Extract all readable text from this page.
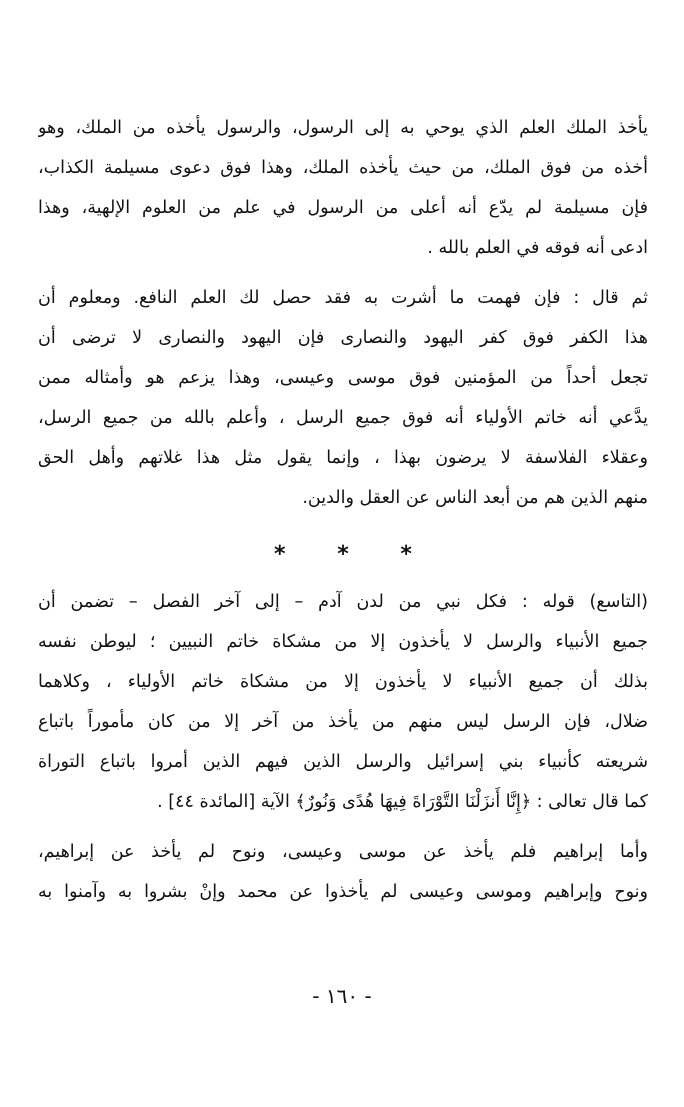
يأخذ الملك العلم الذي يوحي به إلى الرسول، والرسول يأخذه من الملك، وهو
أخذه من فوق الملك، من حيث يأخذه الملك، وهذا فوق دعوى مسيلمة الكذاب،
فإن مسيلمة لم يدّع أنه أعلى من الرسول في علم من العلوم الإلهية، وهذا
ادعى أنه فوقه في العلم بالله .
ثم قال : فإن فهمت ما أشرت به فقد حصل لك العلم النافع. ومعلوم أن
هذا الكفر فوق كفر اليهود والنصارى فإن اليهود والنصارى لا ترضى أن
تجعل أحداً من المؤمنين فوق موسى وعيسى، وهذا يزعم هو وأمثاله ممن
يدَّعي أنه خاتم الأولياء أنه فوق جميع الرسل ، وأعلم بالله من جميع الرسل،
وعقلاء الفلاسفة لا يرضون بهذا ، وإنما يقول مثل هذا غلاتهم وأهل الحق
منهم الذين هم من أبعد الناس عن العقل والدين.
* * *
(التاسع) قوله : فكل نبي من لدن آدم – إلى آخر الفصل – تضمن أن
جميع الأنبياء والرسل لا يأخذون إلا من مشكاة خاتم النبيين ؛ ليوطن نفسه
بذلك أن جميع الأنبياء لا يأخذون إلا من مشكاة خاتم الأولياء ، وكلاهما
ضلال، فإن الرسل ليس منهم من يأخذ من آخر إلا من كان مأموراً باتباع
شريعته كأنبياء بني إسرائيل والرسل الذين فيهم الذين أمروا باتباع التوراة
كما قال تعالى : ﴿إِنَّا أَنزَلْنَا التَّوْرَاةَ فِيهَا هُدًى وَنُورٌ﴾ الآية [المائدة ٤٤] .
وأما إبراهيم فلم يأخذ عن موسى وعيسى، ونوح لم يأخذ عن إبراهيم،
ونوح وإبراهيم وموسى وعيسى لم يأخذوا عن محمد وإنْ بشروا به وآمنوا به
- ١٦٠ -
